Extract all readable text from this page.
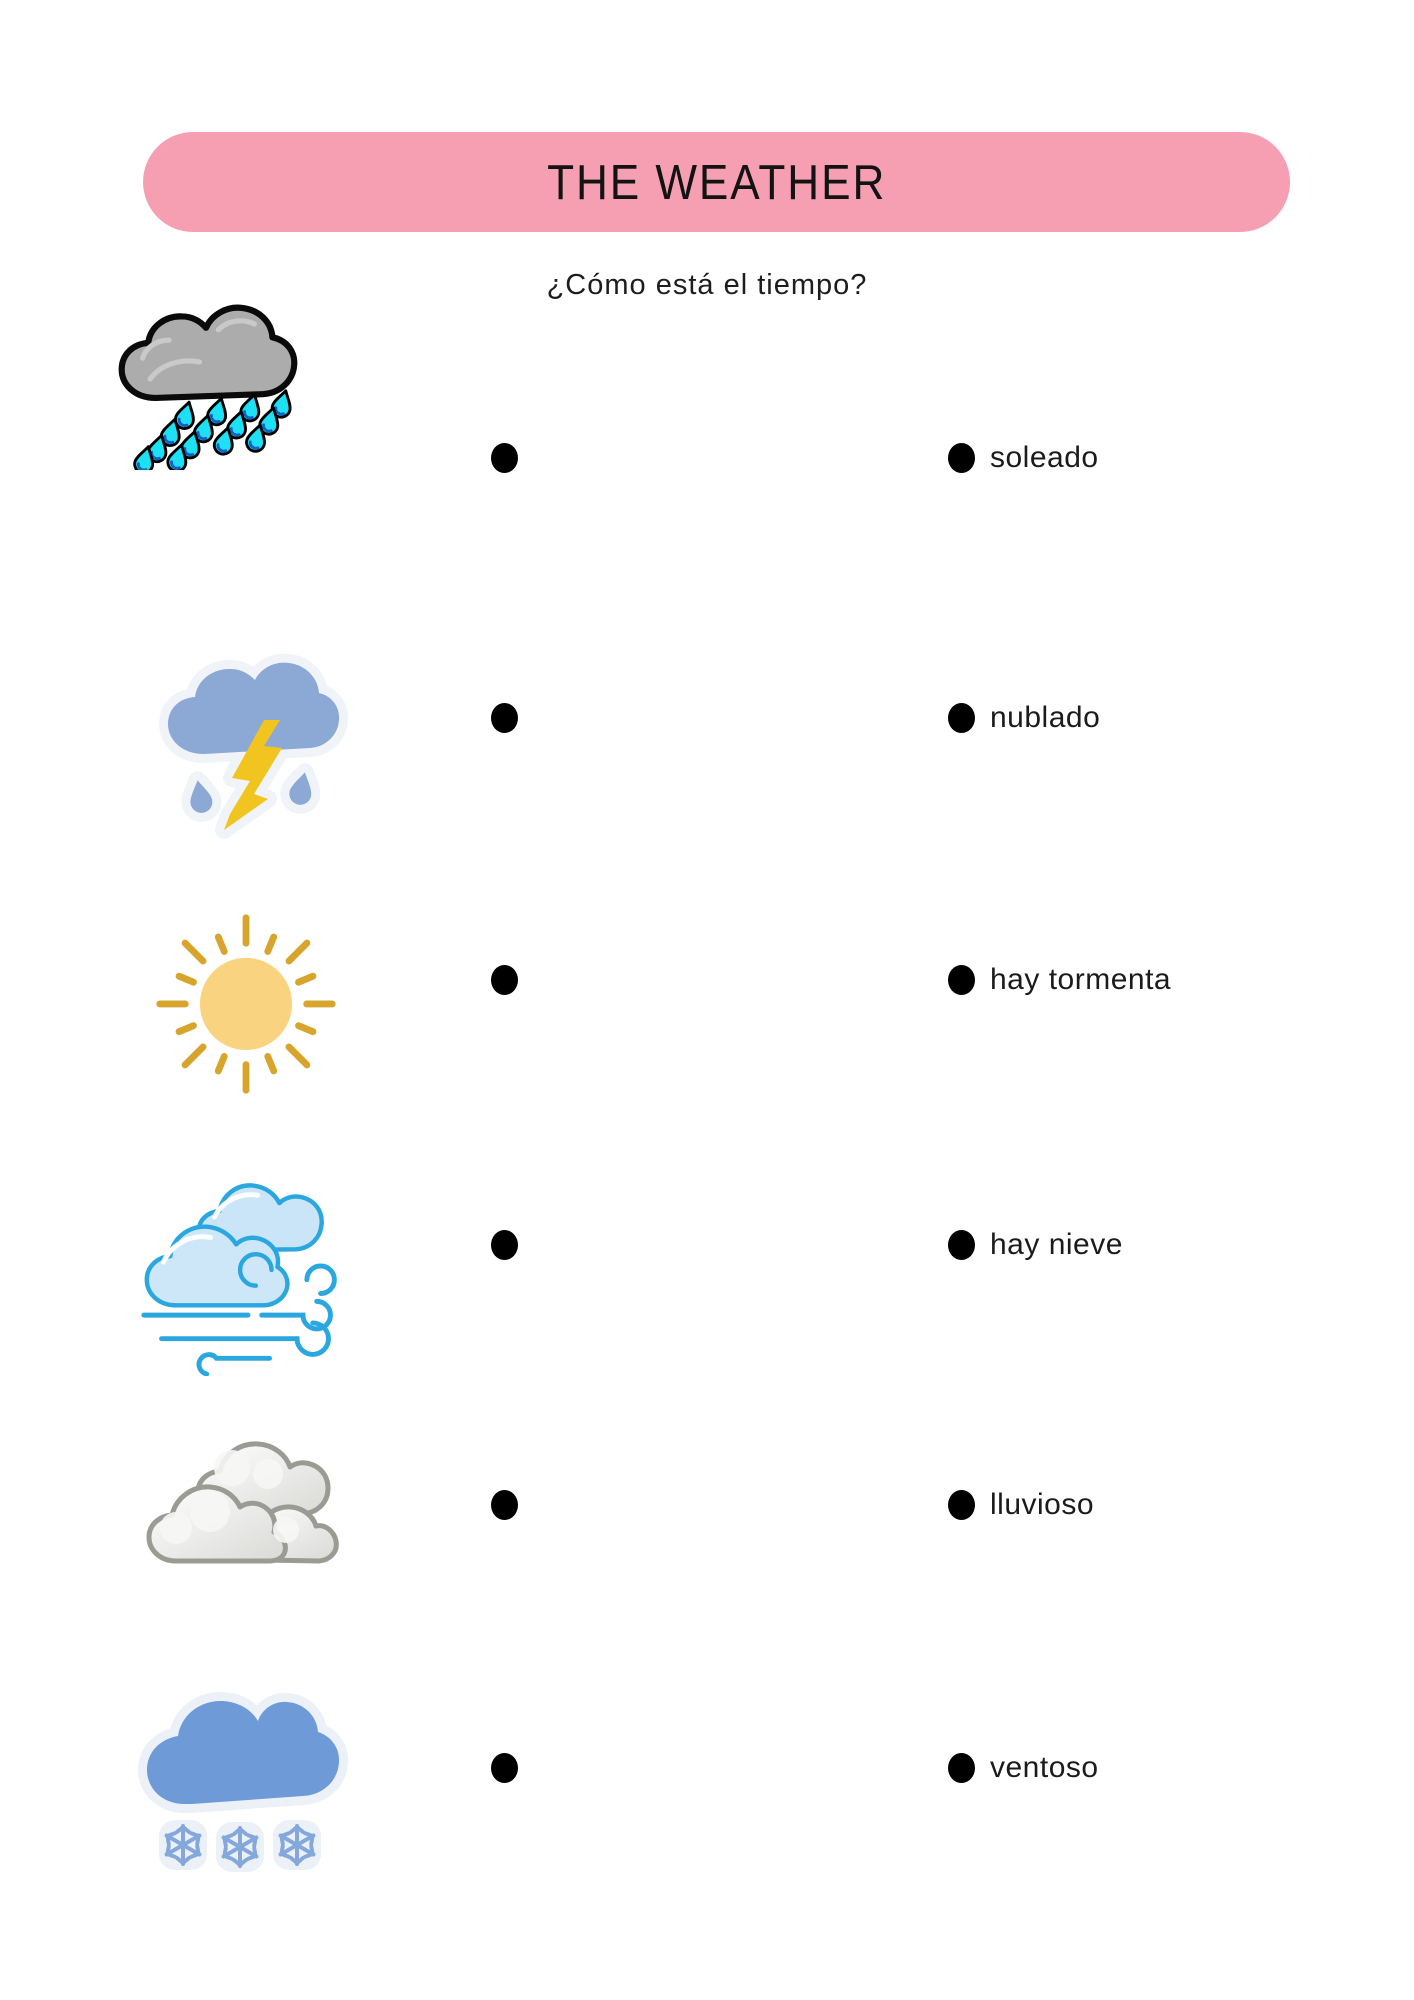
THE WEATHER
¿Cómo está el tiempo?
soleado
nublado
hay tormenta
hay nieve
lluvioso
ventoso
